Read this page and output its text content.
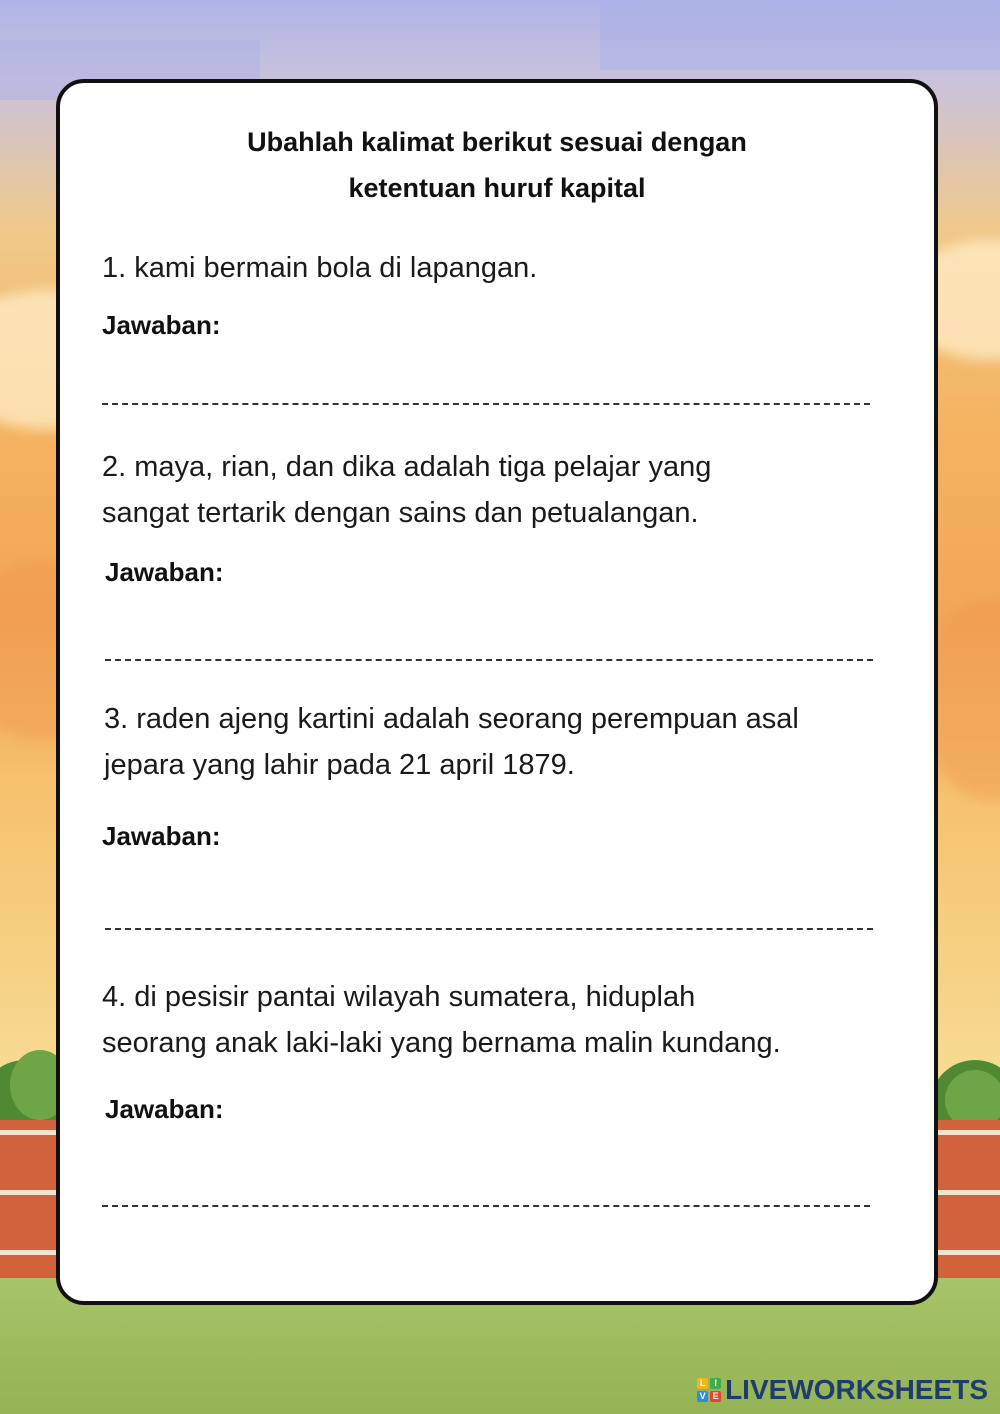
Ubahlah kalimat berikut sesuai dengan
ketentuan huruf kapital
1. kami bermain bola di lapangan.
Jawaban:
2. maya, rian, dan dika adalah tiga pelajar yang
sangat tertarik dengan sains dan petualangan.
Jawaban:
3. raden ajeng kartini adalah seorang perempuan asal
jepara yang lahir pada 21 april 1879.
Jawaban:
4. di pesisir pantai wilayah sumatera, hiduplah
seorang anak laki-laki yang bernama malin kundang.
Jawaban:
L I
V E LIVEWORKSHEETS
